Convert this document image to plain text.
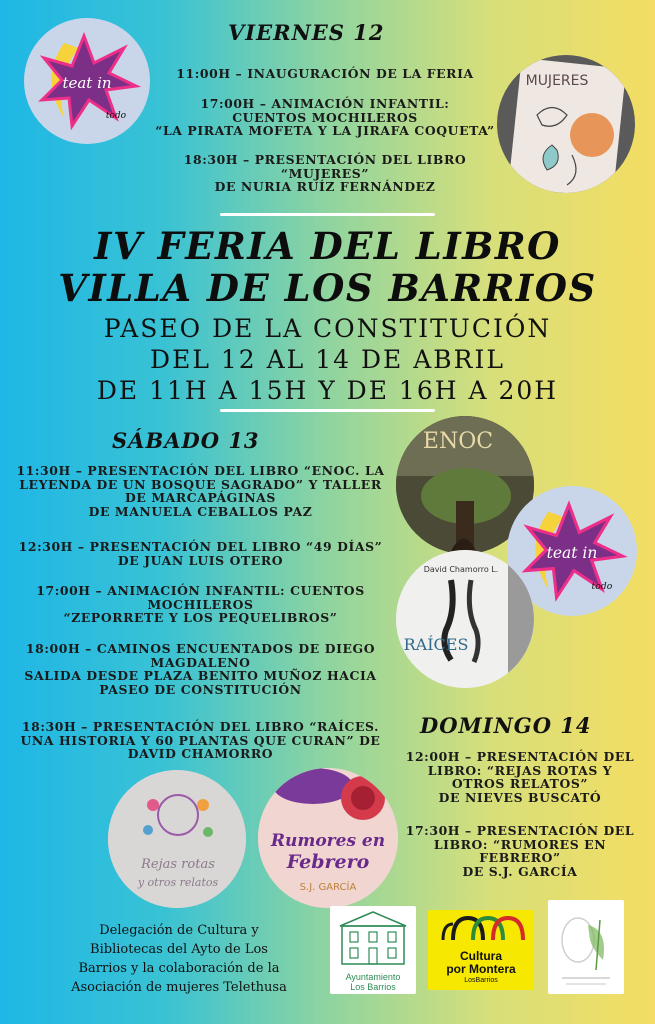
teat in
todo
VIERNES 12
11:00H – INAUGURACIÓN DE LA FERIA
17:00H – ANIMACIÓN INFANTIL:
CUENTOS MOCHILEROS
“LA PIRATA MOFETA Y LA JIRAFA COQUETA”
18:30H – PRESENTACIÓN DEL LIBRO
“MUJERES”
DE NURIA RUÍZ FERNÁNDEZ
MUJERES
IV FERIA DEL LIBRO
VILLA DE LOS BARRIOS
PASEO DE LA CONSTITUCIÓN
DEL 12 AL 14 DE ABRIL
DE 11H A 15H Y DE 16H A 20H
SÁBADO 13
11:30H – PRESENTACIÓN DEL LIBRO “ENOC. LA
LEYENDA DE UN BOSQUE SAGRADO” Y TALLER
DE MARCAPÁGINAS
DE MANUELA CEBALLOS PAZ
12:30H – PRESENTACIÓN DEL LIBRO “49 DÍAS”
DE JUAN LUIS OTERO
17:00H – ANIMACIÓN INFANTIL: CUENTOS
MOCHILEROS
“ZEPORRETE Y LOS PEQUELIBROS”
18:00H – CAMINOS ENCUENTADOS DE DIEGO
MAGDALENO
SALIDA DESDE PLAZA BENITO MUÑOZ HACIA
PASEO DE CONSTITUCIÓN
18:30H – PRESENTACIÓN DEL LIBRO “RAÍCES.
UNA HISTORIA Y 60 PLANTAS QUE CURAN” DE
DAVID CHAMORRO
ENOC
teat in
todo
David Chamorro L.
RAÍCES
DOMINGO 14
12:00H – PRESENTACIÓN DEL
LIBRO: “REJAS ROTAS Y
OTROS RELATOS”
DE NIEVES BUSCATÓ
17:30H – PRESENTACIÓN DEL
LIBRO: “RUMORES EN
FEBRERO”
DE S.J. GARCÍA
Rejas rotas
y otros relatos
Rumores en
Febrero
S.J. GARCÍA
Delegación de Cultura y
Bibliotecas del Ayto de Los
Barrios y la colaboración de la
Asociación de mujeres Telethusa
Ayuntamiento
Los Barrios
Cultura
por Montera
LosBarrios
